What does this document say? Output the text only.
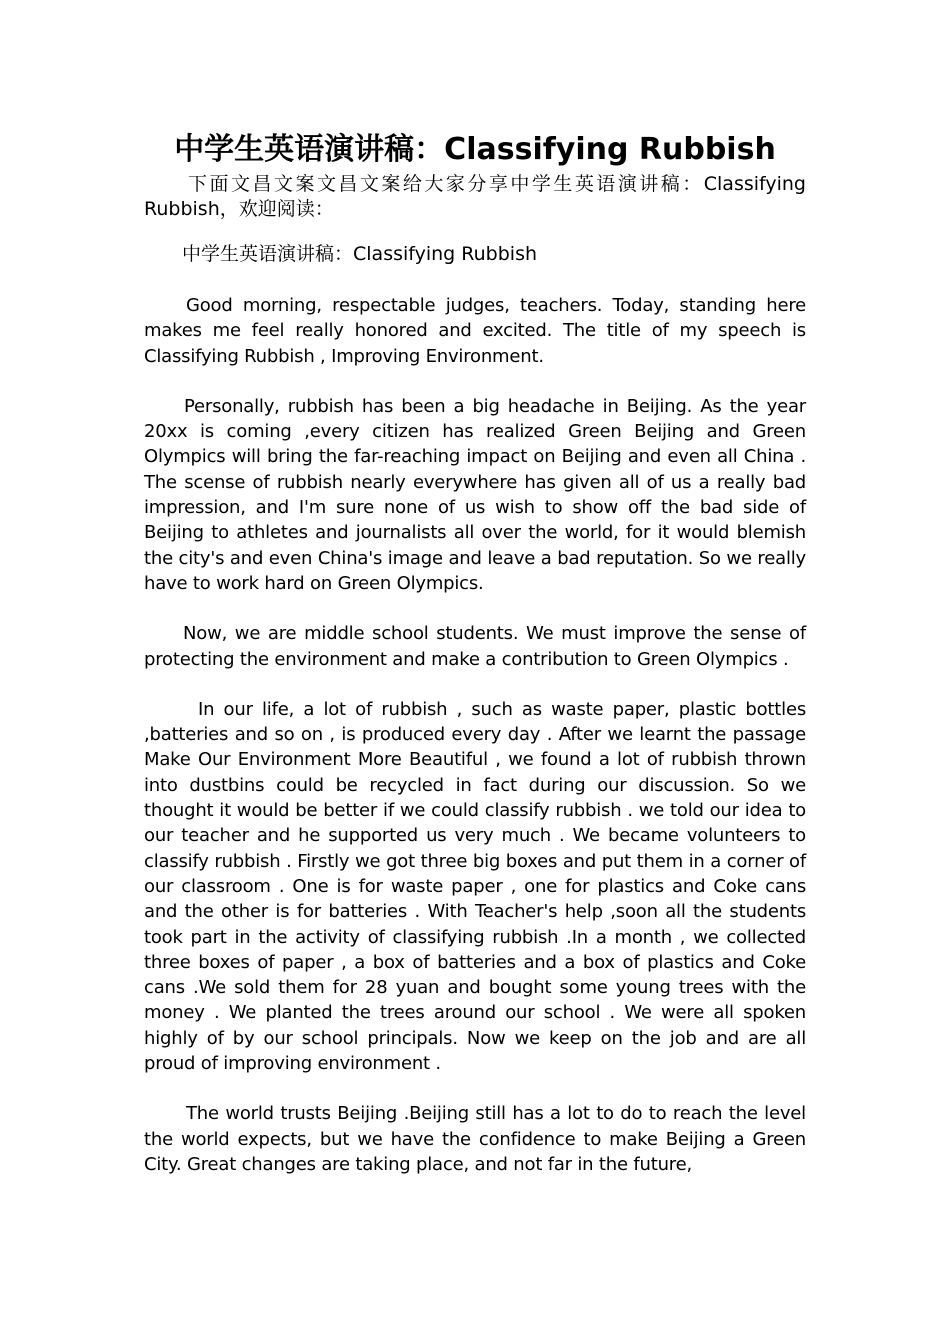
中学生英语演讲稿：Classifying Rubbish

下面文昌文案文昌文案给大家分享中学生英语演讲稿：Classifying Rubbish，欢迎阅读：

中学生英语演讲稿：Classifying Rubbish

Good morning, respectable judges, teachers. Today, standing here makes me feel really honored and excited. The title of my speech is Classifying Rubbish , Improving Environment.

Personally, rubbish has been a big headache in Beijing. As the year 20xx is coming ,every citizen has realized Green Beijing and Green Olympics will bring the far-reaching impact on Beijing and even all China . The scense of rubbish nearly everywhere has given all of us a really bad impression, and I'm sure none of us wish to show off the bad side of Beijing to athletes and journalists all over the world, for it would blemish the city's and even China's image and leave a bad reputation. So we really have to work hard on Green Olympics.

Now, we are middle school students. We must improve the sense of protecting the environment and make a contribution to Green Olympics .

In our life, a lot of rubbish , such as waste paper, plastic bottles ,batteries and so on , is produced every day . After we learnt the passage Make Our Environment More Beautiful , we found a lot of rubbish thrown into dustbins could be recycled in fact during our discussion. So we thought it would be better if we could classify rubbish . we told our idea to our teacher and he supported us very much . We became volunteers to classify rubbish . Firstly we got three big boxes and put them in a corner of our classroom . One is for waste paper , one for plastics and Coke cans and the other is for batteries . With Teacher's help ,soon all the students took part in the activity of classifying rubbish .In a month , we collected three boxes of paper , a box of batteries and a box of plastics and Coke cans .We sold them for 28 yuan and bought some young trees with the money . We planted the trees around our school . We were all spoken highly of by our school principals. Now we keep on the job and are all proud of improving environment .

The world trusts Beijing .Beijing still has a lot to do to reach the level the world expects, but we have the confidence to make Beijing a Green City. Great changes are taking place, and not far in the future,
